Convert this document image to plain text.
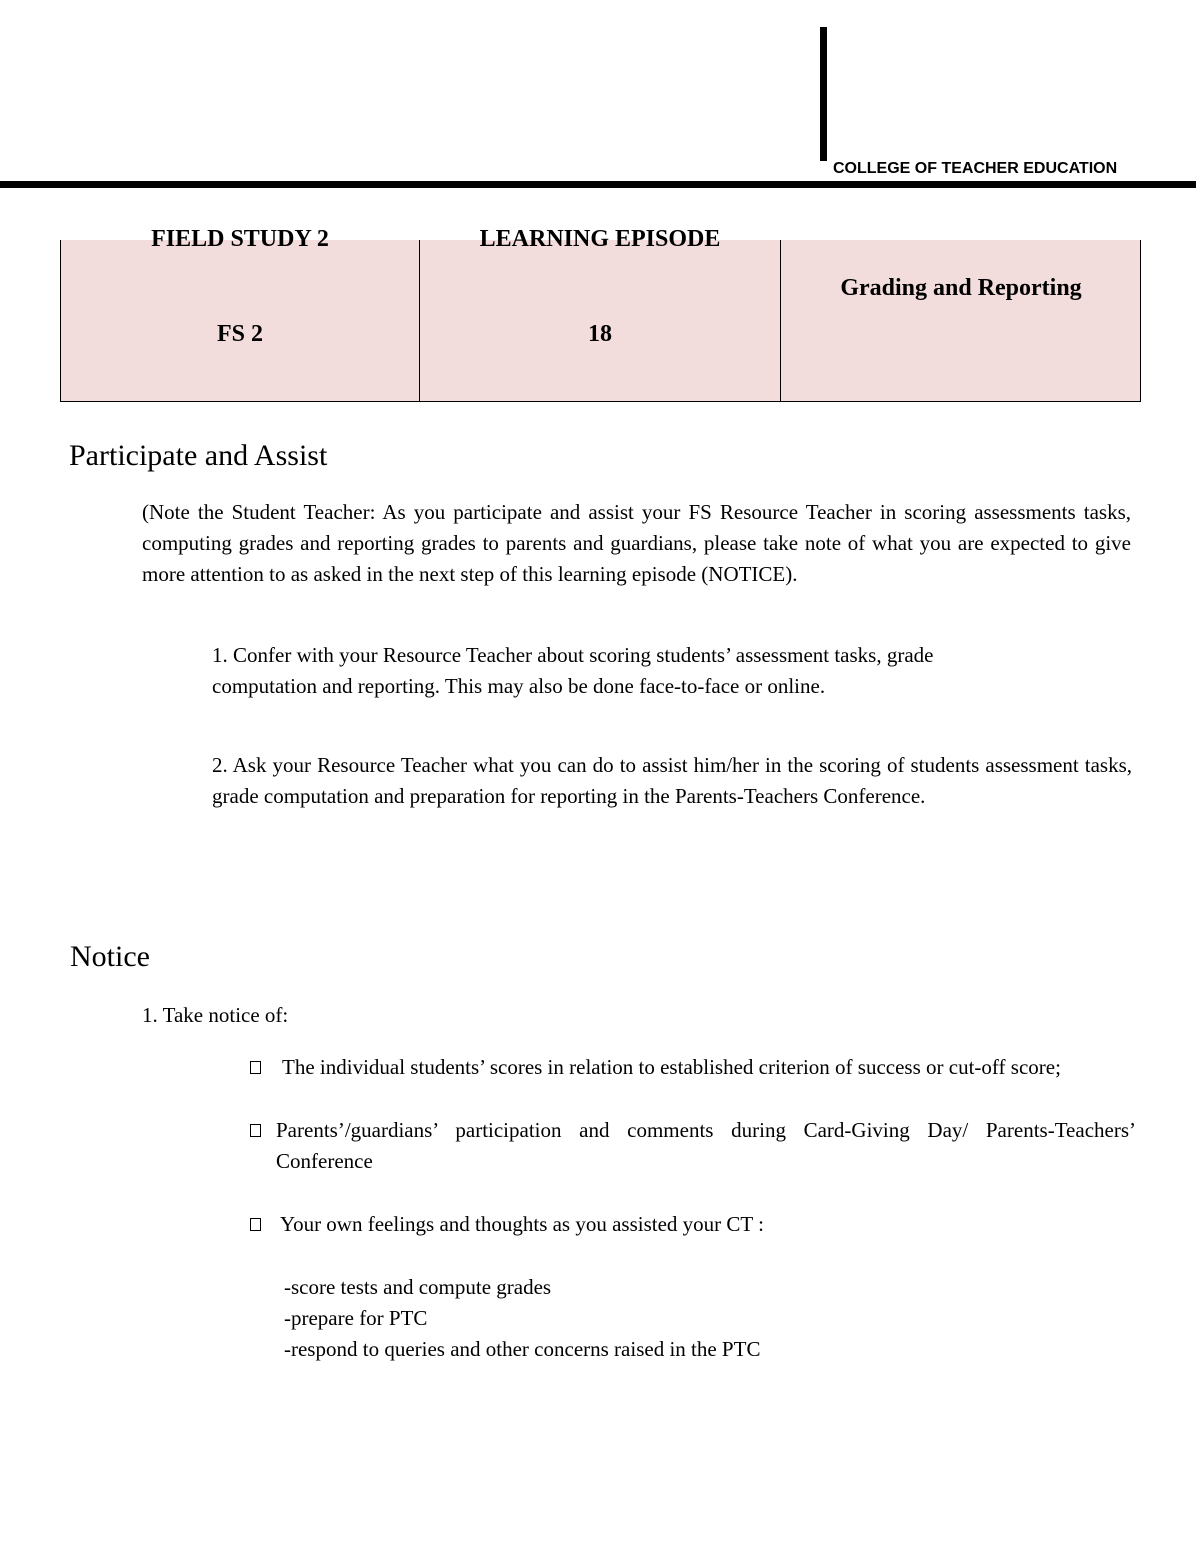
COLLEGE OF TEACHER EDUCATION
FIELD STUDY 2
FS 2
LEARNING EPISODE
18
Grading and Reporting
Participate and Assist
(Note the Student Teacher: As you participate and assist your FS Resource Teacher in scoring assessments tasks, computing grades and reporting grades to parents and guardians, please take note of what you are expected to give more attention to as asked in the next step of this learning episode (NOTICE).
1. Confer with your Resource Teacher about scoring students’ assessment tasks, grade
computation and reporting. This may also be done face-to-face or online.
2. Ask your Resource Teacher what you can do to assist him/her in the scoring of students assessment tasks, grade computation and preparation for reporting in the Parents-Teachers Conference.
Notice
1. Take notice of:
The individual students’ scores in relation to established criterion of success or cut-off score;
Parents’/guardians’ participation and comments during Card-Giving Day/ Parents-Teachers’ Conference
Your own feelings and thoughts as you assisted your CT :
-score tests and compute grades
-prepare for PTC
-respond to queries and other concerns raised in the PTC
